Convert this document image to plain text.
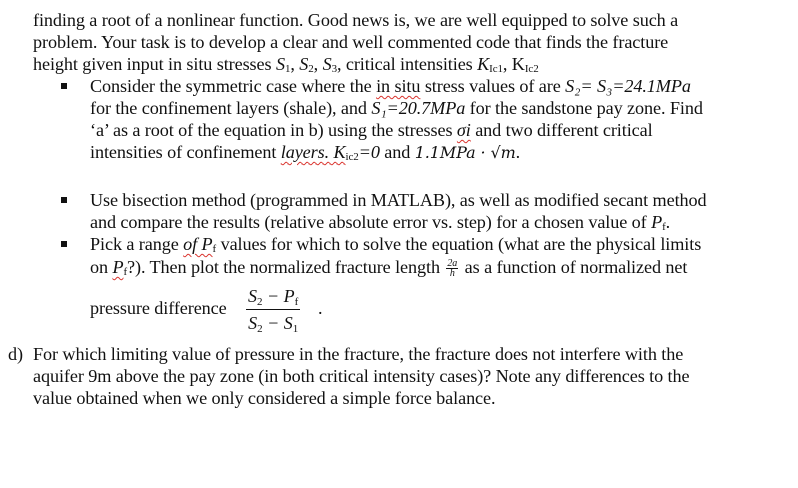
finding a root of a nonlinear function. Good news is, we are well equipped to solve such a
problem. Your task is to develop a clear and well commented code that finds the fracture
height given input in situ stresses $S_1$, $S_2$, $S_3$, critical intensities $K_{Ic1}$, $K_{Ic2}$
Consider the symmetric case where the in situ stress values of are S₂= S₃=24.1MPa
for the confinement layers (shale), and S₁=20.7MPa for the sandstone pay zone. Find
‘a’ as a root of the equation in b) using the stresses σi and two different critical
intensities of confinement layers. $K_{ic2}=0$ and 1.1MPa · √m.
Use bisection method (programmed in MATLAB), as well as modified secant method
and compare the results (relative absolute error vs. step) for a chosen value of $P_f$.
Pick a range of $P_f$ values for which to solve the equation (what are the physical limits
on $P_f$?). Then plot the normalized fracture length $\frac{2a}{h}$ as a function of normalized net
pressure difference
$S_2 - P_f$
$S_2 - S_1$
.
d) For which limiting value of pressure in the fracture, the fracture does not interfere with the
aquifer 9m above the pay zone (in both critical intensity cases)? Note any differences to the
value obtained when we only considered a simple force balance.
